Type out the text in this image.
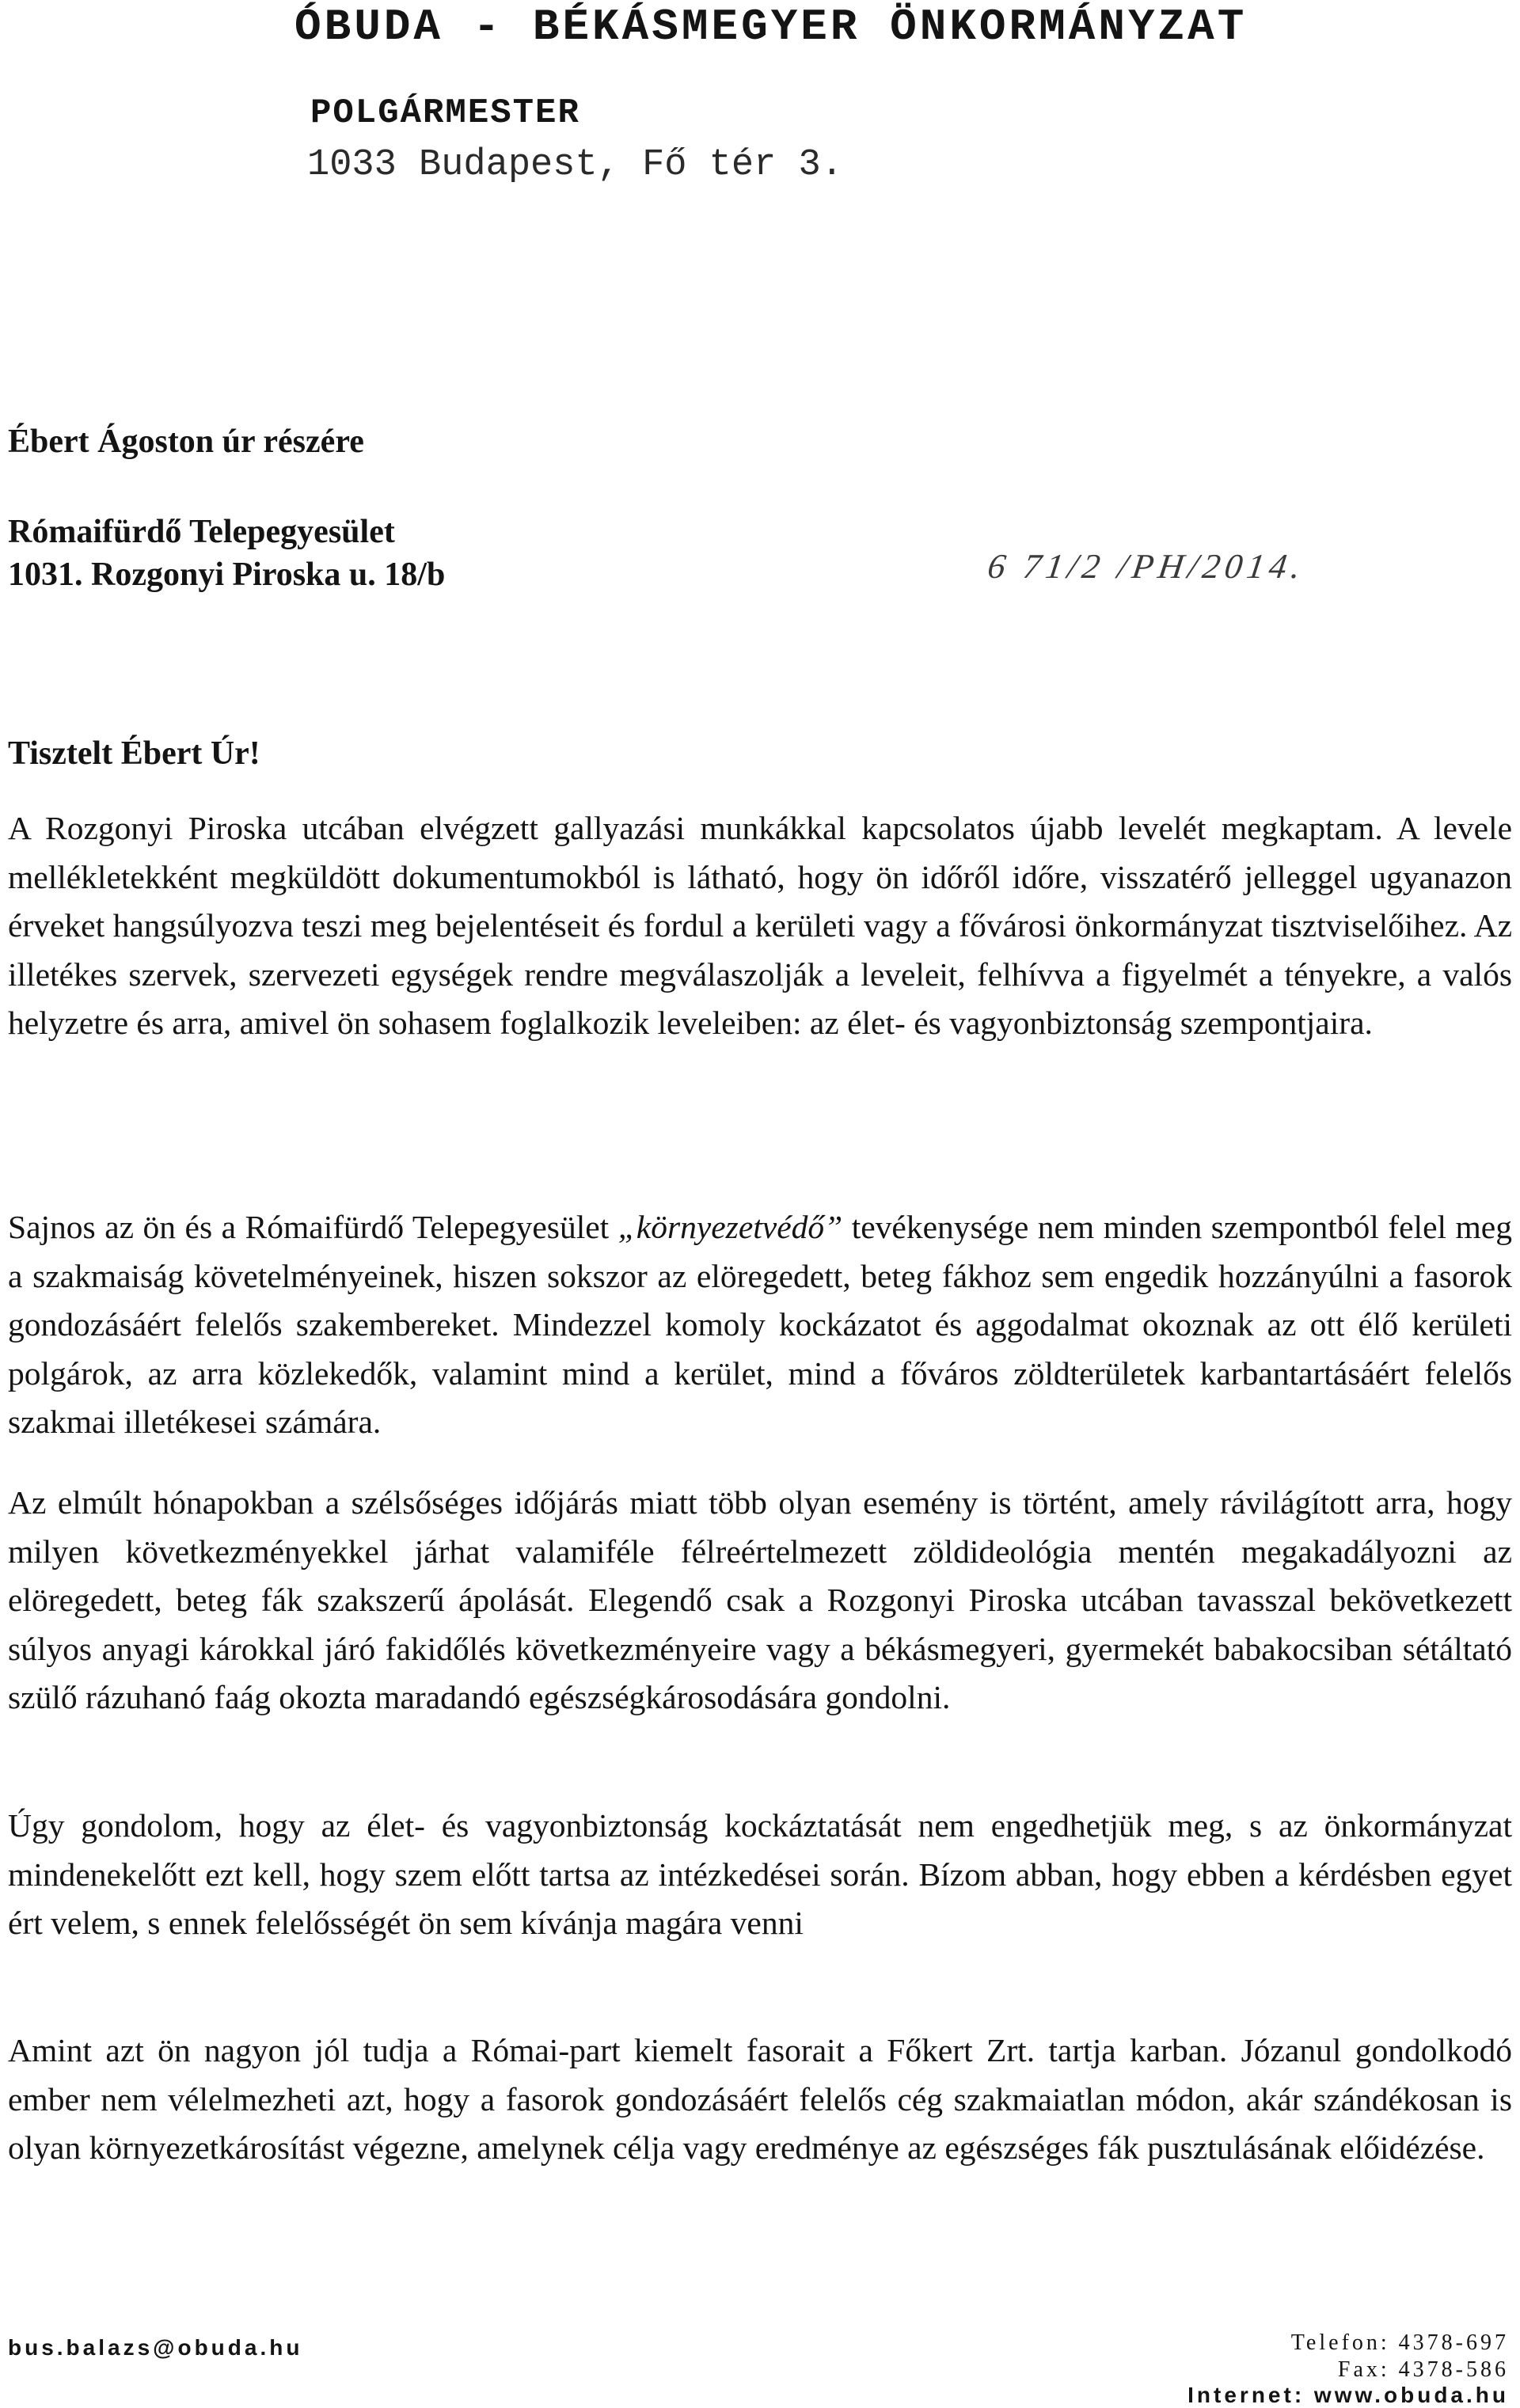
ÓBUDA - BÉKÁSMEGYER ÖNKORMÁNYZAT
POLGÁRMESTER
1033 Budapest, Fő tér 3.
Ébert Ágoston úr részére
Rómaifürdő Telepegyesület
1031. Rozgonyi Piroska u. 18/b	6 71/2 /PH/2014.
Tisztelt Ébert Úr!

A Rozgonyi Piroska utcában elvégzett gallyazási munkákkal kapcsolatos újabb levelét megkaptam. A levele mellékletekként megküldött dokumentumokból is látható, hogy ön időről időre, visszatérő jelleggel ugyanazon érveket hangsúlyozva teszi meg bejelentéseit és fordul a kerületi vagy a fővárosi önkormányzat tisztviselőihez. Az illetékes szervek, szervezeti egységek rendre megválaszolják a leveleit, felhívva a figyelmét a tényekre, a valós helyzetre és arra, amivel ön sohasem foglalkozik leveleiben: az élet- és vagyonbiztonság szempontjaira.

Sajnos az ön és a Rómaifürdő Telepegyesület „környezetvédő” tevékenysége nem minden szempontból felel meg a szakmaiság követelményeinek, hiszen sokszor az elöregedett, beteg fákhoz sem engedik hozzányúlni a fasorok gondozásáért felelős szakembereket. Mindezzel komoly kockázatot és aggodalmat okoznak az ott élő kerületi polgárok, az arra közlekedők, valamint mind a kerület, mind a főváros zöldterületek karbantartásáért felelős szakmai illetékesei számára.

Az elmúlt hónapokban a szélsőséges időjárás miatt több olyan esemény is történt, amely rávilágított arra, hogy milyen következményekkel járhat valamiféle félreértelmezett zöldideológia mentén megakadályozni az elöregedett, beteg fák szakszerű ápolását. Elegendő csak a Rozgonyi Piroska utcában tavasszal bekövetkezett súlyos anyagi károkkal járó fakidőlés következményeire vagy a békásmegyeri, gyermekét babakocsiban sétáltató szülő rázuhanó faág okozta maradandó egészségkárosodására gondolni.

Úgy gondolom, hogy az élet- és vagyonbiztonság kockáztatását nem engedhetjük meg, s az önkormányzat mindenekelőtt ezt kell, hogy szem előtt tartsa az intézkedései során. Bízom abban, hogy ebben a kérdésben egyet ért velem, s ennek felelősségét ön sem kívánja magára venni

Amint azt ön nagyon jól tudja a Római-part kiemelt fasorait a Főkert Zrt. tartja karban. Józanul gondolkodó ember nem vélelmezheti azt, hogy a fasorok gondozásáért felelős cég szakmaiatlan módon, akár szándékosan is olyan környezetkárosítást végezne, amelynek célja vagy eredménye az egészséges fák pusztulásának előidézése.

bus.balazs@obuda.hu	Telefon: 4378-697
Fax: 4378-586
Internet: www.obuda.hu
